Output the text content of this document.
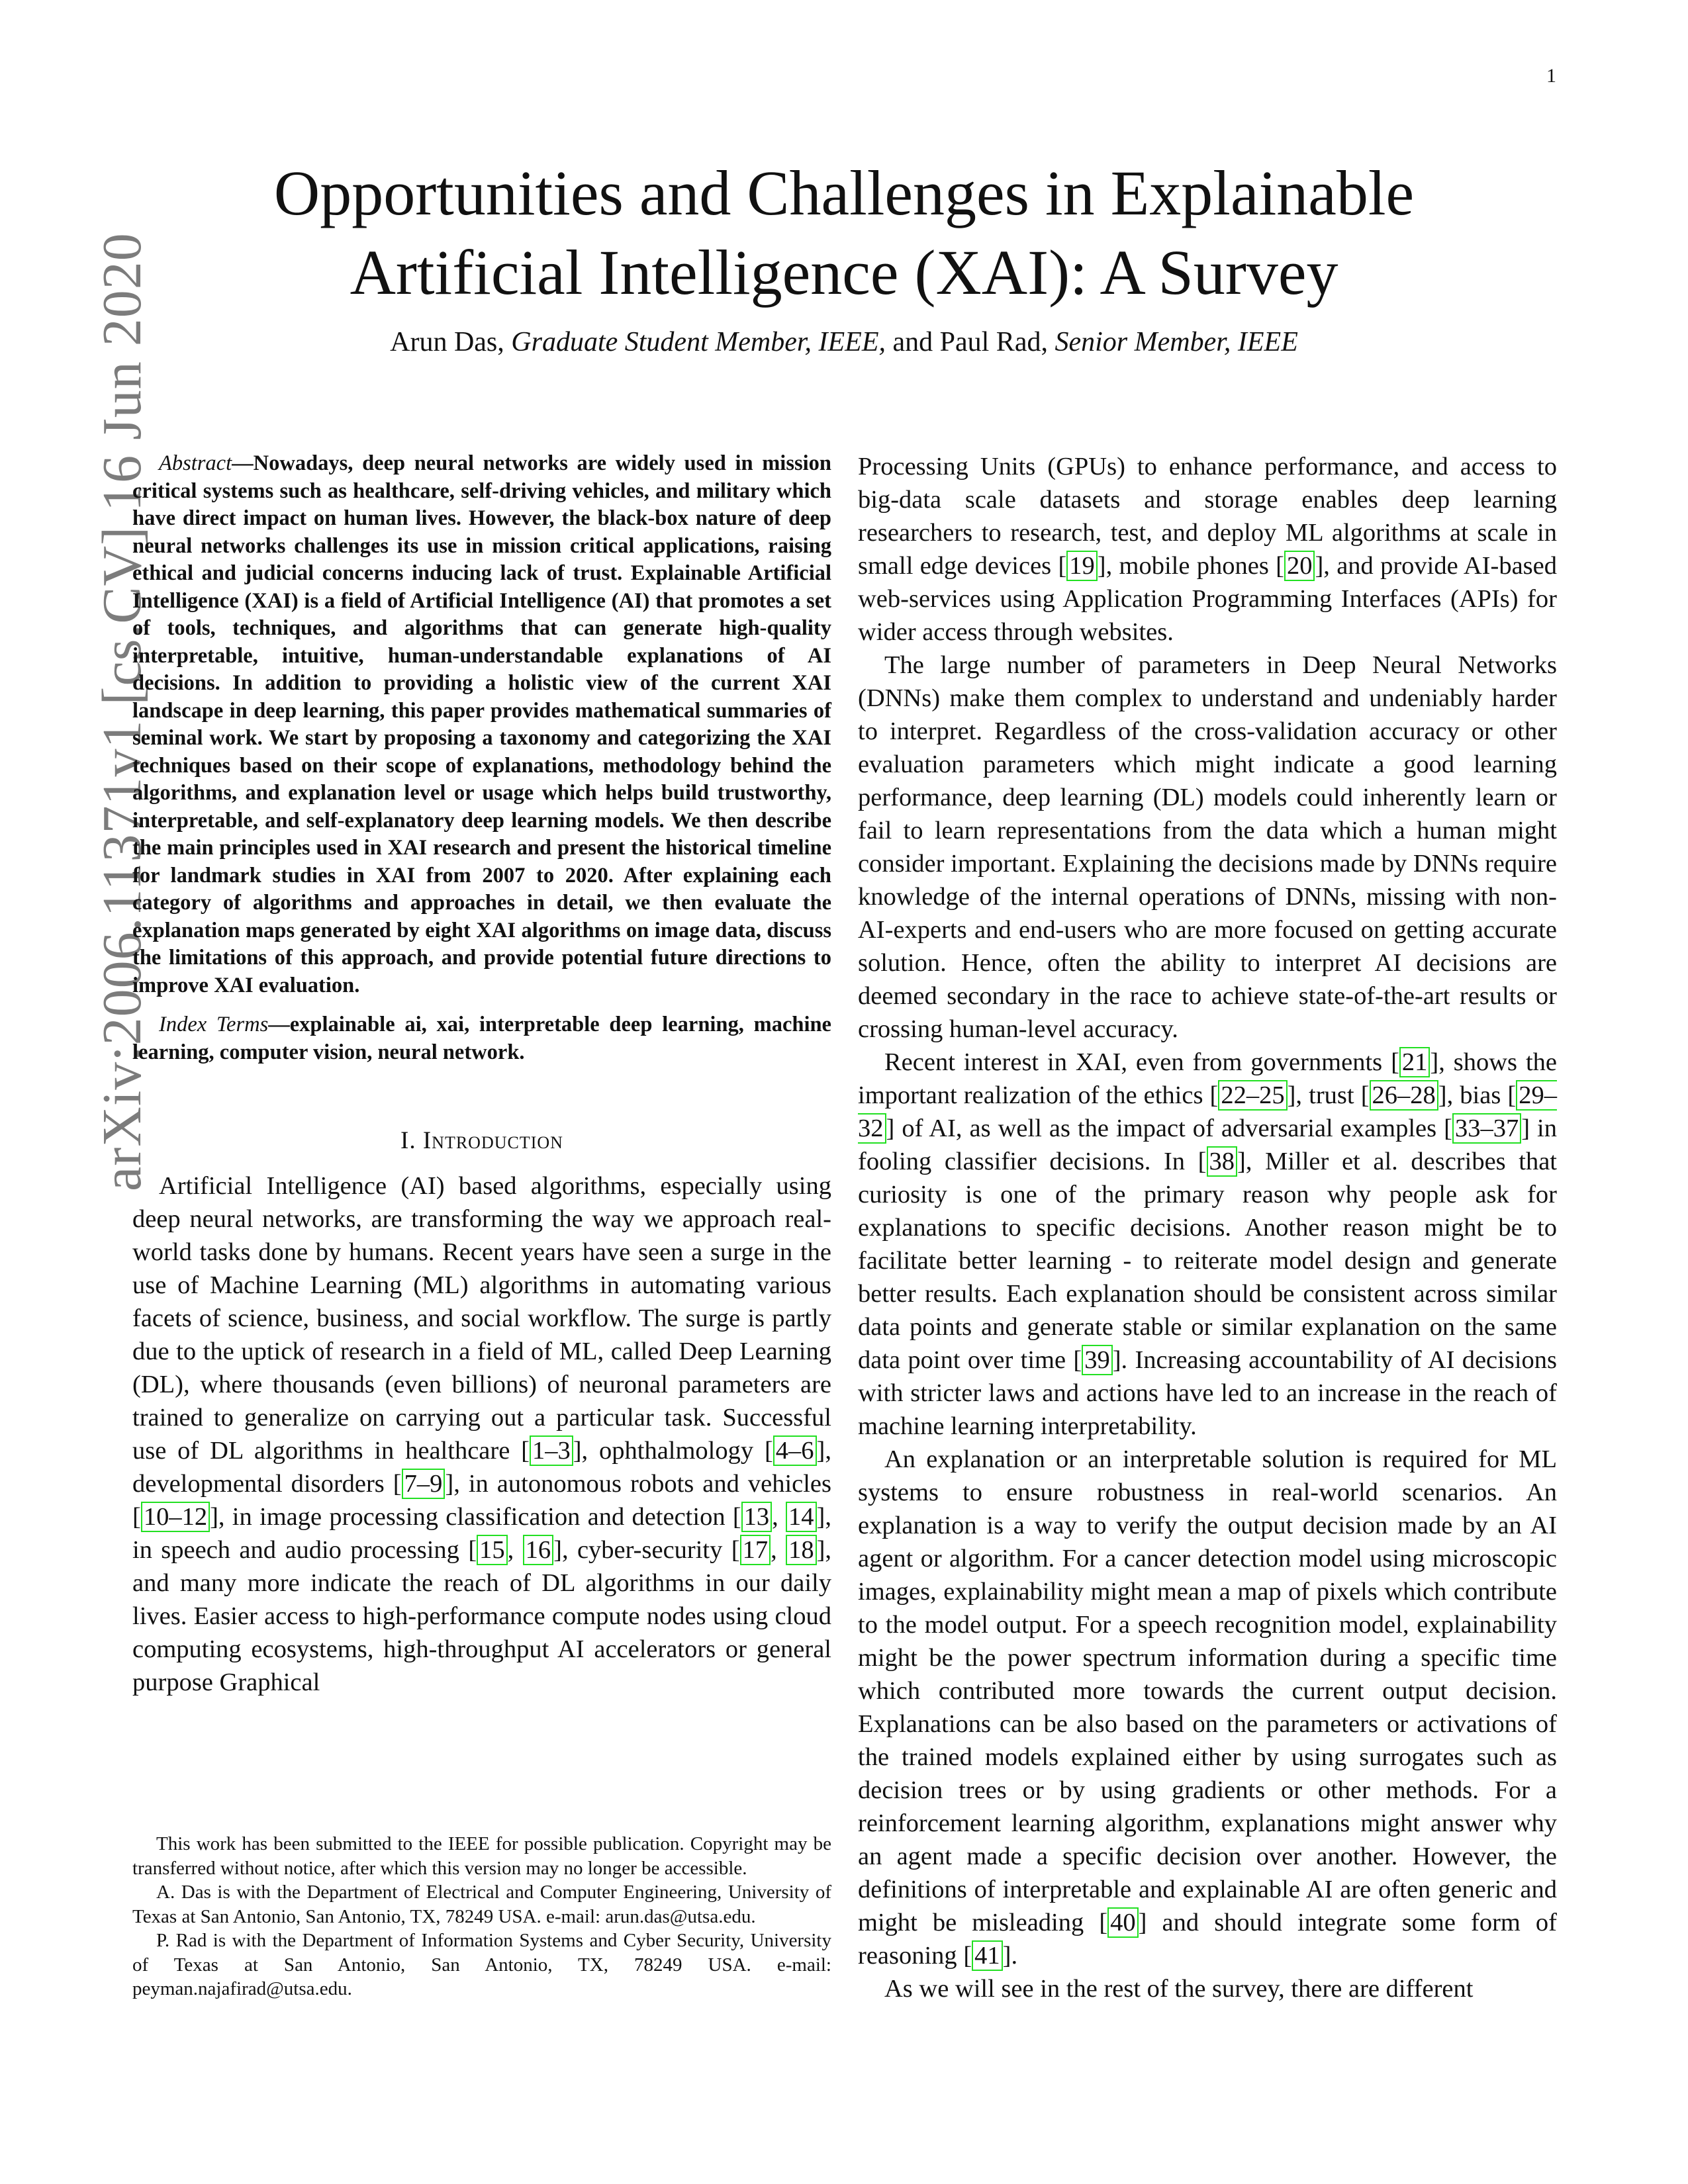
1
arXiv:2006.11371v1 [cs.CV] 16 Jun 2020
Opportunities and Challenges in Explainable
Artificial Intelligence (XAI): A Survey
Arun Das, Graduate Student Member, IEEE, and Paul Rad, Senior Member, IEEE

Abstract—Nowadays, deep neural networks are widely used in mission critical systems such as healthcare, self-driving vehicles, and military which have direct impact on human lives. However, the black-box nature of deep neural networks challenges its use in mission critical applications, raising ethical and judicial concerns inducing lack of trust. Explainable Artificial Intelligence (XAI) is a field of Artificial Intelligence (AI) that promotes a set of tools, techniques, and algorithms that can generate high-quality interpretable, intuitive, human-understandable explanations of AI decisions. In addition to providing a holistic view of the current XAI landscape in deep learning, this paper provides mathematical summaries of seminal work. We start by proposing a taxonomy and categorizing the XAI techniques based on their scope of explanations, methodology behind the algorithms, and explanation level or usage which helps build trustworthy, interpretable, and self-explanatory deep learning models. We then describe the main principles used in XAI research and present the historical timeline for landmark studies in XAI from 2007 to 2020. After explaining each category of algorithms and approaches in detail, we then evaluate the explanation maps generated by eight XAI algorithms on image data, discuss the limitations of this approach, and provide potential future directions to improve XAI evaluation.

Index Terms—explainable ai, xai, interpretable deep learning, machine learning, computer vision, neural network.

I. Introduction

Artificial Intelligence (AI) based algorithms, especially using deep neural networks, are transforming the way we approach real-world tasks done by humans. Recent years have seen a surge in the use of Machine Learning (ML) algorithms in automating various facets of science, business, and social workflow. The surge is partly due to the uptick of research in a field of ML, called Deep Learning (DL), where thousands (even billions) of neuronal parameters are trained to generalize on carrying out a particular task. Successful use of DL algorithms in healthcare [ 1–3 ], ophthalmology [ 4–6 ], developmental disorders [ 7–9 ], in autonomous robots and vehicles [ 10–12 ], in image processing classification and detection [ 13 , 14 ], in speech and audio processing [ 15 , 16 ], cyber-security [ 17 , 18 ], and many more indicate the reach of DL algorithms in our daily lives. Easier access to high-performance compute nodes using cloud computing ecosystems, high-throughput AI accelerators or general purpose Graphical

This work has been submitted to the IEEE for possible publication. Copyright may be transferred without notice, after which this version may no longer be accessible.

A. Das is with the Department of Electrical and Computer Engineering, University of Texas at San Antonio, San Antonio, TX, 78249 USA. e-mail: arun.das@utsa.edu.

P. Rad is with the Department of Information Systems and Cyber Security, University of Texas at San Antonio, San Antonio, TX, 78249 USA. e-mail: peyman.najafirad@utsa.edu.

Processing Units (GPUs) to enhance performance, and access to big-data scale datasets and storage enables deep learning researchers to research, test, and deploy ML algorithms at scale in small edge devices [ 19 ], mobile phones [ 20 ], and provide AI-based web-services using Application Programming Interfaces (APIs) for wider access through websites.

The large number of parameters in Deep Neural Networks (DNNs) make them complex to understand and undeniably harder to interpret. Regardless of the cross-validation accuracy or other evaluation parameters which might indicate a good learning performance, deep learning (DL) models could inherently learn or fail to learn representations from the data which a human might consider important. Explaining the decisions made by DNNs require knowledge of the internal operations of DNNs, missing with non-AI-experts and end-users who are more focused on getting accurate solution. Hence, often the ability to interpret AI decisions are deemed secondary in the race to achieve state-of-the-art results or crossing human-level accuracy.

Recent interest in XAI, even from governments [ 21 ], shows the important realization of the ethics [ 22–25 ], trust [ 26–28 ], bias [ 29–32 ] of AI, as well as the impact of adversarial examples [ 33–37 ] in fooling classifier decisions. In [ 38 ], Miller et al. describes that curiosity is one of the primary reason why people ask for explanations to specific decisions. Another reason might be to facilitate better learning - to reiterate model design and generate better results. Each explanation should be consistent across similar data points and generate stable or similar explanation on the same data point over time [ 39 ]. Increasing accountability of AI decisions with stricter laws and actions have led to an increase in the reach of machine learning interpretability.

An explanation or an interpretable solution is required for ML systems to ensure robustness in real-world scenarios. An explanation is a way to verify the output decision made by an AI agent or algorithm. For a cancer detection model using microscopic images, explainability might mean a map of pixels which contribute to the model output. For a speech recognition model, explainability might be the power spectrum information during a specific time which contributed more towards the current output decision. Explanations can be also based on the parameters or activations of the trained models explained either by using surrogates such as decision trees or by using gradients or other methods. For a reinforcement learning algorithm, explanations might answer why an agent made a specific decision over another. However, the definitions of interpretable and explainable AI are often generic and might be misleading [ 40 ] and should integrate some form of reasoning [ 41 ].

As we will see in the rest of the survey, there are different
